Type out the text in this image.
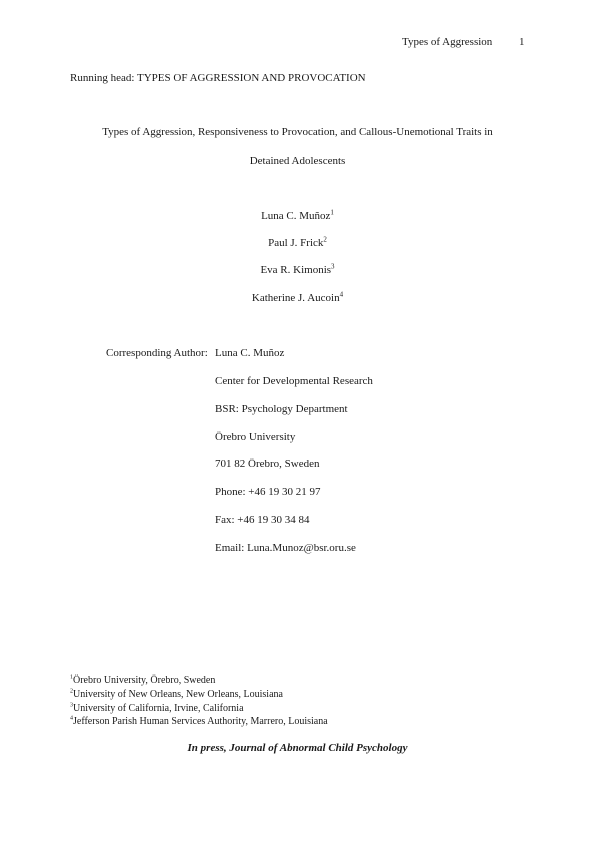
Types of Aggression 1
Running head: TYPES OF AGGRESSION AND PROVOCATION
Types of Aggression, Responsiveness to Provocation, and Callous-Unemotional Traits in
Detained Adolescents
Luna C. Muñoz$^1$
Paul J. Frick$^2$
Eva R. Kimonis$^3$
Katherine J. Aucoin$^4$
Corresponding Author: Luna C. Muñoz
Center for Developmental Research
BSR: Psychology Department
Örebro University
701 82 Örebro, Sweden
Phone: +46 19 30 21 97
Fax: +46 19 30 34 84
Email: Luna.Munoz@bsr.oru.se
$^1$Örebro University, Örebro, Sweden
$^2$University of New Orleans, New Orleans, Louisiana
$^3$University of California, Irvine, California
$^4$Jefferson Parish Human Services Authority, Marrero, Louisiana
In press, Journal of Abnormal Child Psychology
